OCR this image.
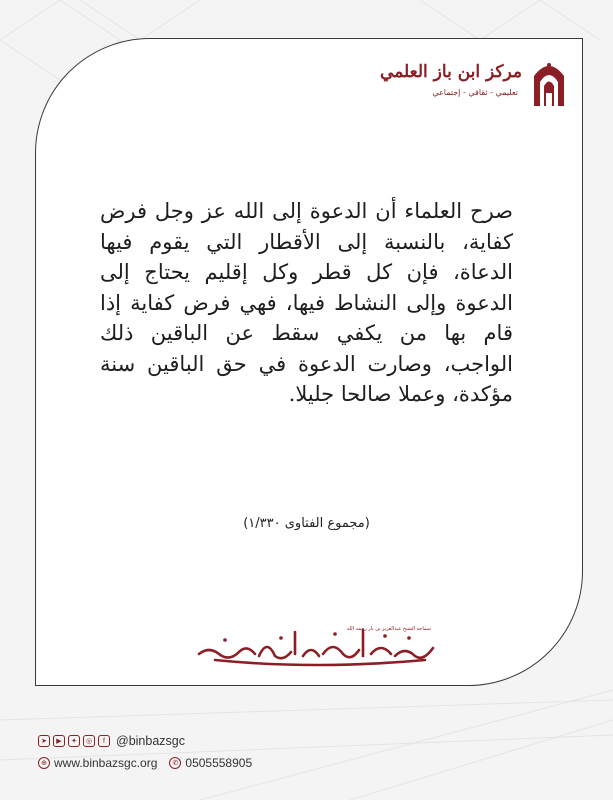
مركز ابن باز العلمي
تعليمي - ثقافي - إجتماعي
صرح العلماء أن الدعوة إلى الله عز وجل فرض كفاية، بالنسبة إلى الأقطار التي يقوم فيها الدعاة، فإن كل قطر وكل إقليم يحتاج إلى الدعوة وإلى النشاط فيها، فهي فرض كفاية إذا قام بها من يكفي سقط عن الباقين ذلك الواجب، وصارت الدعوة في حق الباقين سنة مؤكدة، وعملا صالحا جليلا.
(مجموع الفتاوى ١/٣٣٠)
سماحة الشيخ عبدالعزيز بن باز رحمه الله
➤	▶	✦	◎	f @binbazsgc
⊕ www.binbazsgc.org	✆ 0505558905
